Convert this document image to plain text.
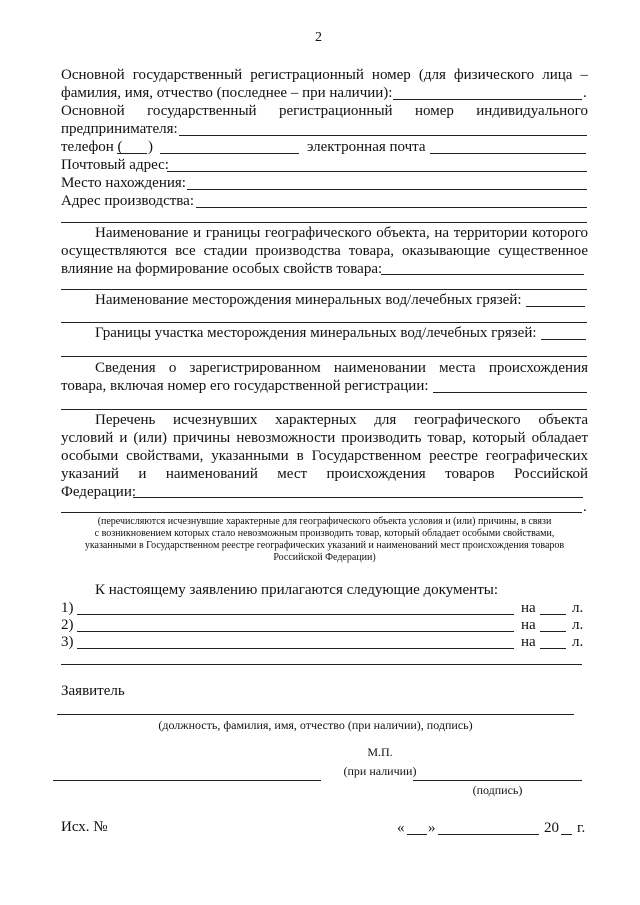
2
Основной государственный регистрационный номер (для физического лица –
фамилия, имя, отчество (последнее – при наличии):	.
Основной государственный регистрационный номер индивидуального
предпринимателя:
телефон ( )	электронная почта
Почтовый адрес:
Место нахождения:
Адрес производства:
Наименование и границы географического объекта, на территории которого
осуществляются все стадии производства товара, оказывающие существенное
влияние на формирование особых свойств товара:
Наименование месторождения минеральных вод/лечебных грязей:
Границы участка месторождения минеральных вод/лечебных грязей:
Сведения о зарегистрированном наименовании места происхождения
товара, включая номер его государственной регистрации:
Перечень исчезнувших характерных для географического объекта
условий и (или) причины невозможности производить товар, который обладает
особыми свойствами, указанными в Государственном реестре географических
указаний и наименований мест происхождения товаров Российской
Федерации:
.
(перечисляются исчезнувшие характерные для географического объекта условия и (или) причины, в связи
с возникновением которых стало невозможным производить товар, который обладает особыми свойствами,
указанными в Государственном реестре географических указаний и наименований мест происхождения товаров
Российской Федерации)
К настоящему заявлению прилагаются следующие документы:
1)	на л.
2)	на л.
3)	на л.
Заявитель
(должность, фамилия, имя, отчество (при наличии), подпись)
М.П.
(при наличии)
(подпись)
Исх. №	« »	20 г.
